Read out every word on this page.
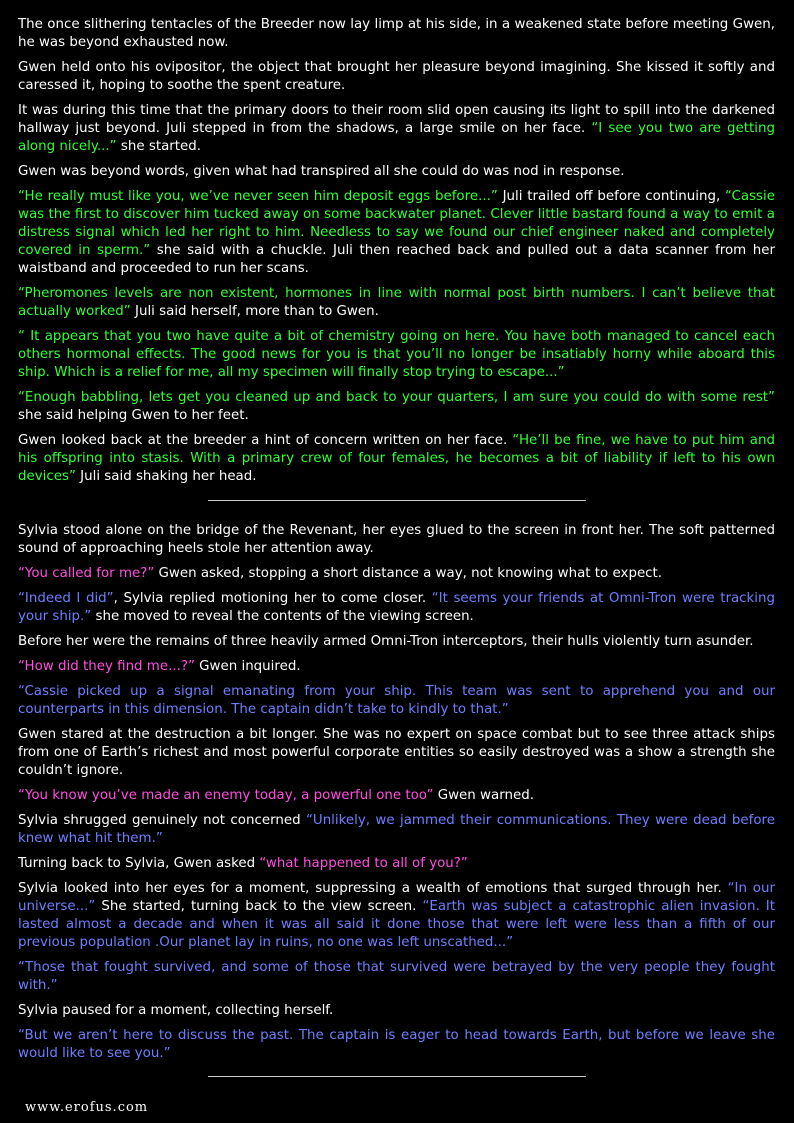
The once slithering tentacles of the Breeder now lay limp at his side, in a weakened state before meeting Gwen, he was beyond exhausted now.

Gwen held onto his ovipositor, the object that brought her pleasure beyond imagining. She kissed it softly and caressed it, hoping to soothe the spent creature.

It was during this time that the primary doors to their room slid open causing its light to spill into the darkened hallway just beyond. Juli stepped in from the shadows, a large smile on her face. “I see you two are getting along nicely...” she started.

Gwen was beyond words, given what had transpired all she could do was nod in response.

“He really must like you, we’ve never seen him deposit eggs before...” Juli trailed off before continuing, “Cassie was the first to discover him tucked away on some backwater planet. Clever little bastard found a way to emit a distress signal which led her right to him. Needless to say we found our chief engineer naked and completely covered in sperm.” she said with a chuckle. Juli then reached back and pulled out a data scanner from her waistband and proceeded to run her scans.

“Pheromones levels are non existent, hormones in line with normal post birth numbers. I can’t believe that actually worked” Juli said herself, more than to Gwen.

“ It appears that you two have quite a bit of chemistry going on here. You have both managed to cancel each others hormonal effects. The good news for you is that you’ll no longer be insatiably horny while aboard this ship. Which is a relief for me, all my specimen will finally stop trying to escape...”

“Enough babbling, lets get you cleaned up and back to your quarters, I am sure you could do with some rest” she said helping Gwen to her feet.

Gwen looked back at the breeder a hint of concern written on her face. “He’ll be fine, we have to put him and his offspring into stasis. With a primary crew of four females, he becomes a bit of liability if left to his own devices” Juli said shaking her head.

Sylvia stood alone on the bridge of the Revenant, her eyes glued to the screen in front her. The soft patterned sound of approaching heels stole her attention away.

“You called for me?” Gwen asked, stopping a short distance a way, not knowing what to expect.

“Indeed I did”, Sylvia replied motioning her to come closer. “It seems your friends at Omni-Tron were tracking your ship.” she moved to reveal the contents of the viewing screen.

Before her were the remains of three heavily armed Omni-Tron interceptors, their hulls violently turn asunder.

“How did they find me...?” Gwen inquired.

“Cassie picked up a signal emanating from your ship. This team was sent to apprehend you and our counterparts in this dimension. The captain didn’t take to kindly to that.”

Gwen stared at the destruction a bit longer. She was no expert on space combat but to see three attack ships from one of Earth’s richest and most powerful corporate entities so easily destroyed was a show a strength she couldn’t ignore.

“You know you’ve made an enemy today, a powerful one too” Gwen warned.

Sylvia shrugged genuinely not concerned “Unlikely, we jammed their communications. They were dead before knew what hit them.”

Turning back to Sylvia, Gwen asked “what happened to all of you?”

Sylvia looked into her eyes for a moment, suppressing a wealth of emotions that surged through her. “In our universe...” She started, turning back to the view screen. “Earth was subject a catastrophic alien invasion. It lasted almost a decade and when it was all said it done those that were left were less than a fifth of our previous population .Our planet lay in ruins, no one was left unscathed...”

“Those that fought survived, and some of those that survived were betrayed by the very people they fought with.”

Sylvia paused for a moment, collecting herself.

“But we aren’t here to discuss the past. The captain is eager to head towards Earth, but before we leave she would like to see you.”

www.erofus.com
